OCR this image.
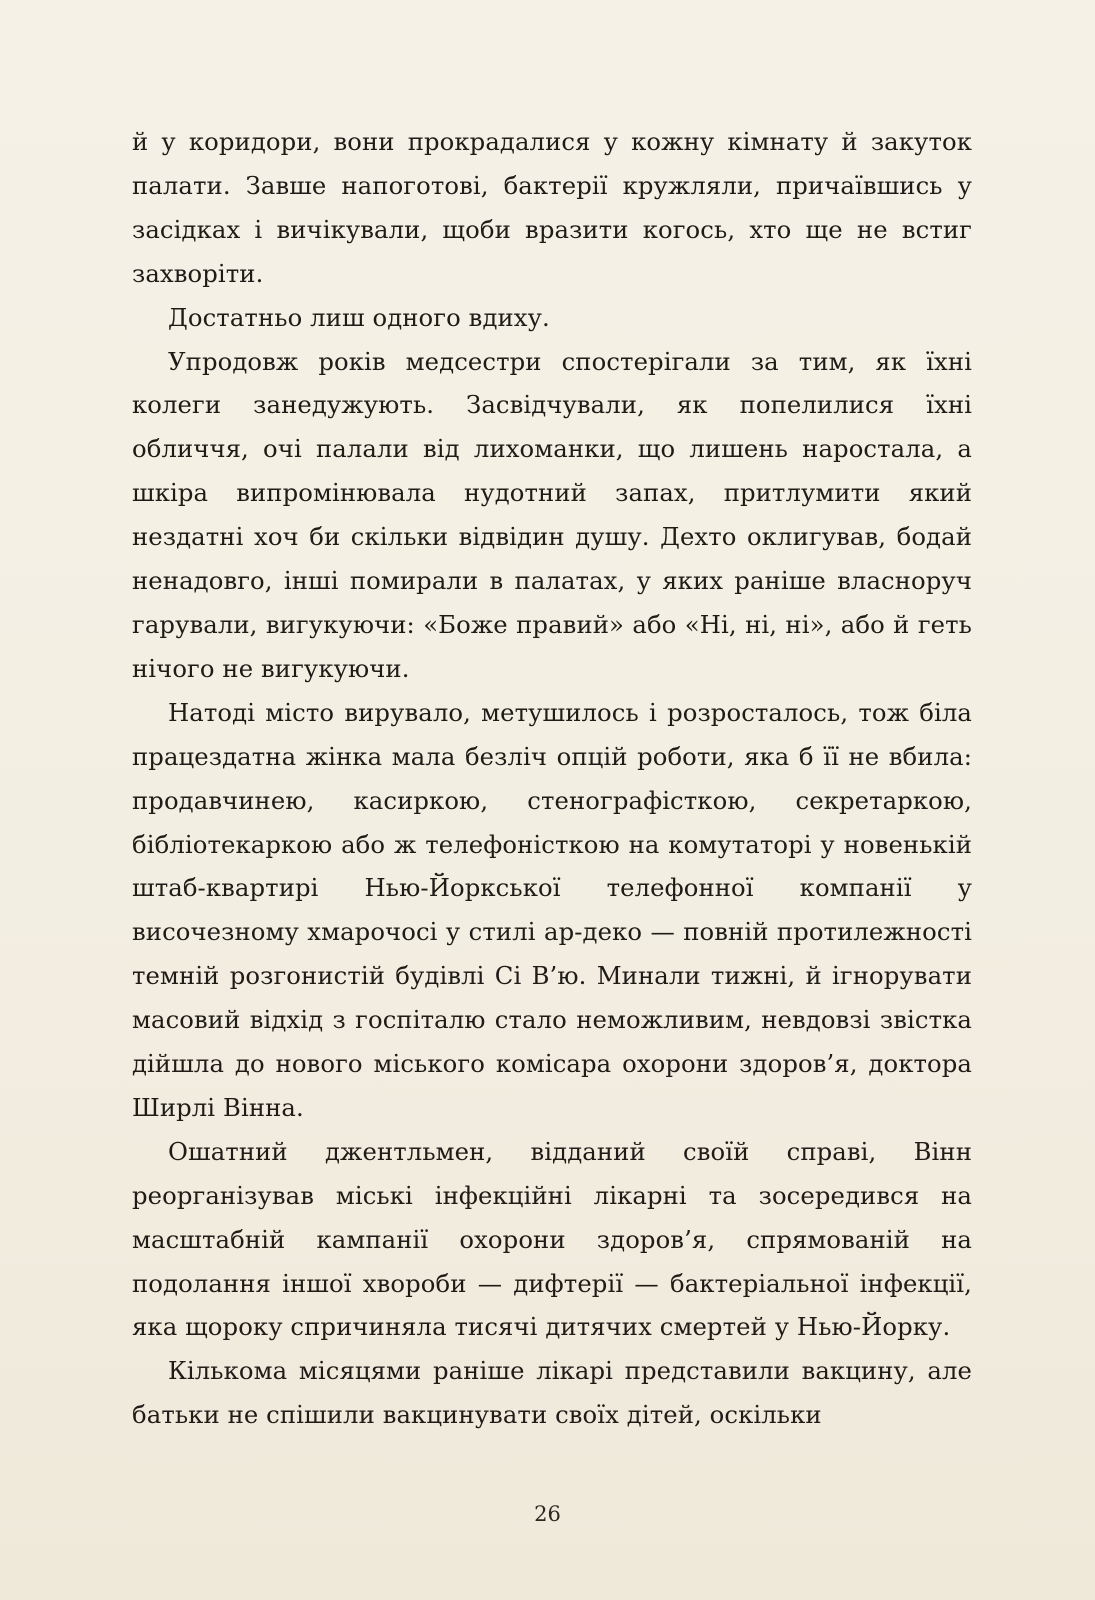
й у коридори, вони прокрадалися у кожну кімнату й закуток палати. Завше напоготові, бактерії кружляли, причаївшись у засідках і вичікували, щоби вразити когось, хто ще не встиг захворіти.

Достатньо лиш одного вдиху.

Упродовж років медсестри спостерігали за тим, як їхні колеги занедужують. Засвідчували, як попелилися їхні обличчя, очі палали від лихоманки, що лишень наростала, а шкіра випромінювала нудотний запах, притлумити який нездатні хоч би скільки відвідин душу. Дехто оклигував, бодай ненадовго, інші помирали в палатах, у яких раніше власноруч гарували, вигукуючи: «Боже правий» або «Ні, ні, ні», або й геть нічого не вигукуючи.

Натоді місто вирувало, метушилось і розросталось, тож біла працездатна жінка мала безліч опцій роботи, яка б її не вбила: продавчинею, касиркою, стенографісткою, секретаркою, бібліотекаркою або ж телефоністкою на комутаторі у новенькій штаб-квартирі Нью-Йоркської телефонної компанії у височезному хмарочосі у стилі ар-деко — повній протилежності темній розгонистій будівлі Сі В’ю. Минали тижні, й ігнорувати масовий відхід з госпіталю стало неможливим, невдовзі звістка дійшла до нового міського комісара охорони здоров’я, доктора Ширлі Вінна.

Ошатний джентльмен, відданий своїй справі, Вінн реорганізував міські інфекційні лікарні та зосередився на масштабній кампанії охорони здоров’я, спрямованій на подолання іншої хвороби — дифтерії — бактеріальної інфекції, яка щороку спричиняла тисячі дитячих смертей у Нью-Йорку.

Кількома місяцями раніше лікарі представили вакцину, але батьки не спішили вакцинувати своїх дітей, оскільки

26
